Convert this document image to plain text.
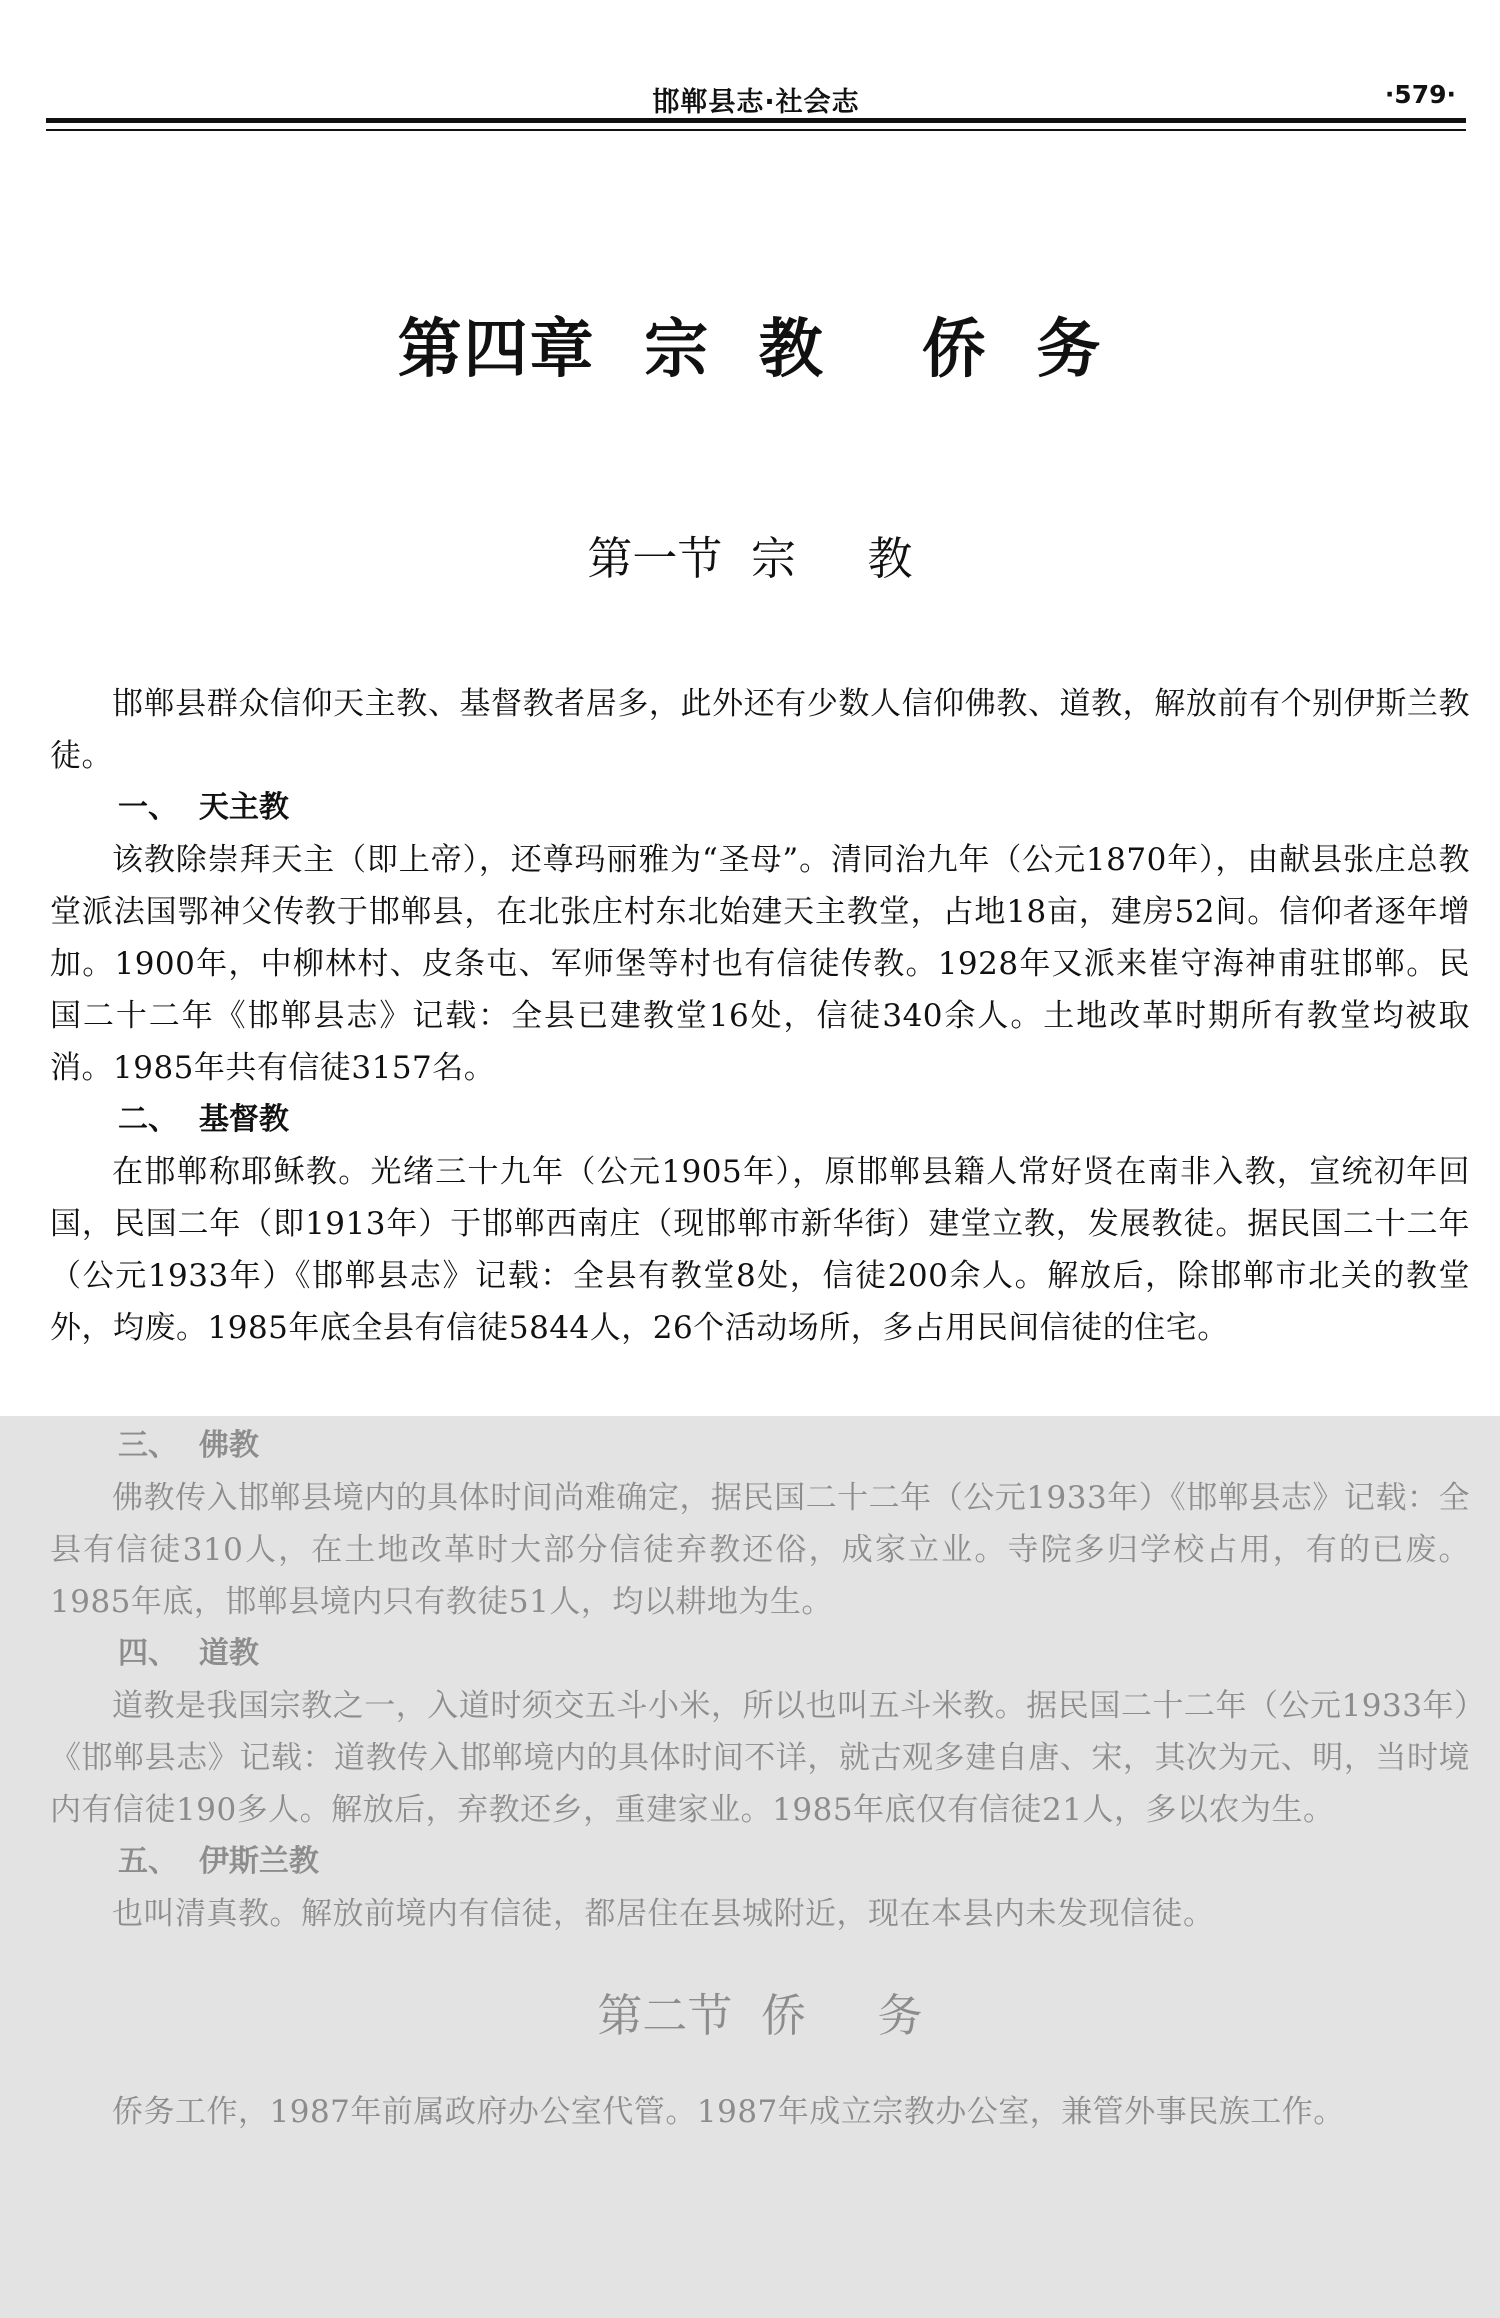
邯郸县志·社会志	·579·
第四章  宗  教    侨  务
第一节  宗     教

邯郸县群众信仰天主教、基督教者居多，此外还有少数人信仰佛教、道教，解放前有个别伊斯兰教徒。

一、  天主教

该教除崇拜天主（即上帝），还尊玛丽雅为“圣母”。清同治九年（公元1870年），由献县张庄总教堂派法国鄂神父传教于邯郸县，在北张庄村东北始建天主教堂，占地18亩，建房52间。信仰者逐年增加。1900年，中柳林村、皮条屯、军师堡等村也有信徒传教。1928年又派来崔守海神甫驻邯郸。民国二十二年《邯郸县志》记载：全县已建教堂16处，信徒340余人。土地改革时期所有教堂均被取消。1985年共有信徒3157名。

二、  基督教

在邯郸称耶稣教。光绪三十九年（公元1905年），原邯郸县籍人常好贤在南非入教，宣统初年回国，民国二年（即1913年）于邯郸西南庄（现邯郸市新华街）建堂立教，发展教徒。据民国二十二年（公元1933年）《邯郸县志》记载：全县有教堂8处，信徒200余人。解放后，除邯郸市北关的教堂外，均废。1985年底全县有信徒5844人，26个活动场所，多占用民间信徒的住宅。

三、  佛教

佛教传入邯郸县境内的具体时间尚难确定，据民国二十二年（公元1933年）《邯郸县志》记载：全县有信徒310人，在土地改革时大部分信徒弃教还俗，成家立业。寺院多归学校占用，有的已废。1985年底，邯郸县境内只有教徒51人，均以耕地为生。

四、  道教

道教是我国宗教之一，入道时须交五斗小米，所以也叫五斗米教。据民国二十二年（公元1933年）《邯郸县志》记载：道教传入邯郸境内的具体时间不详，就古观多建自唐、宋，其次为元、明，当时境内有信徒190多人。解放后，弃教还乡，重建家业。1985年底仅有信徒21人，多以农为生。

五、  伊斯兰教

也叫清真教。解放前境内有信徒，都居住在县城附近，现在本县内未发现信徒。

第二节  侨     务

侨务工作，1987年前属政府办公室代管。1987年成立宗教办公室，兼管外事民族工作。
